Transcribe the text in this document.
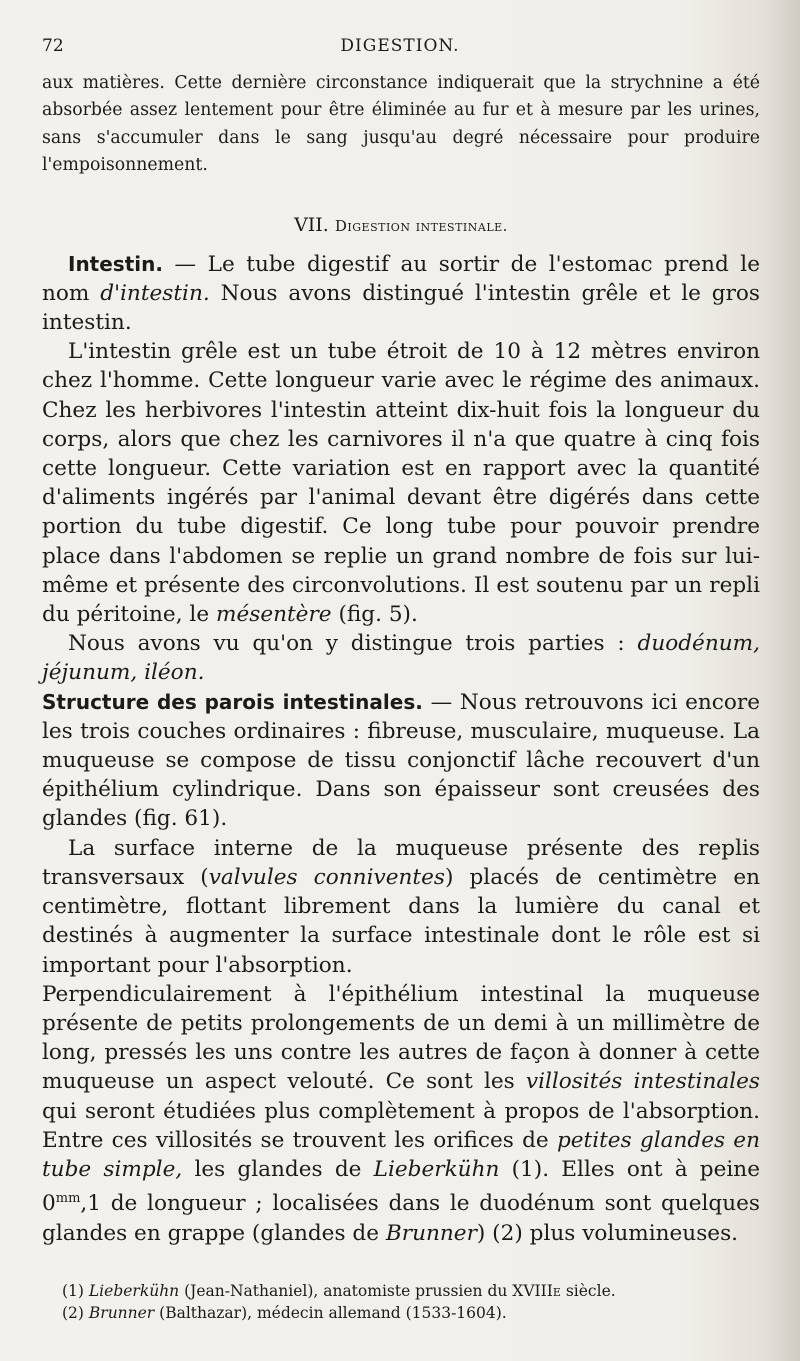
72	DIGESTION.

aux matières. Cette dernière circonstance indiquerait que la strychnine a été absorbée assez lentement pour être éliminée au fur et à mesure par les urines, sans s'accumuler dans le sang jusqu'au degré nécessaire pour produire l'empoisonnement.

VII. Digestion intestinale.

Intestin. — Le tube digestif au sortir de l'estomac prend le nom d'intestin. Nous avons distingué l'intestin grêle et le gros intestin.

L'intestin grêle est un tube étroit de 10 à 12 mètres environ chez l'homme. Cette longueur varie avec le régime des animaux. Chez les herbivores l'intestin atteint dix-huit fois la longueur du corps, alors que chez les carnivores il n'a que quatre à cinq fois cette longueur. Cette variation est en rapport avec la quantité d'aliments ingérés par l'animal devant être digérés dans cette portion du tube digestif. Ce long tube pour pouvoir prendre place dans l'abdomen se replie un grand nombre de fois sur lui-même et présente des circonvolutions. Il est soutenu par un repli du péritoine, le mésentère (fig. 5).

Nous avons vu qu'on y distingue trois parties : duodénum, jéjunum, iléon.

Structure des parois intestinales. — Nous retrouvons ici encore les trois couches ordinaires : fibreuse, musculaire, muqueuse. La muqueuse se compose de tissu conjonctif lâche recouvert d'un épithélium cylindrique. Dans son épaisseur sont creusées des glandes (fig. 61).

La surface interne de la muqueuse présente des replis transversaux (valvules conniventes) placés de centimètre en centimètre, flottant librement dans la lumière du canal et destinés à augmenter la surface intestinale dont le rôle est si important pour l'absorption.

Perpendiculairement à l'épithélium intestinal la muqueuse présente de petits prolongements de un demi à un millimètre de long, pressés les uns contre les autres de façon à donner à cette muqueuse un aspect velouté. Ce sont les villosités intestinales qui seront étudiées plus complètement à propos de l'absorption. Entre ces villosités se trouvent les orifices de petites glandes en tube simple, les glandes de Lieberkühn (1). Elles ont à peine $0^{mm},1$ de longueur ; localisées dans le duodénum sont quelques glandes en grappe (glandes de Brunner) (2) plus volumineuses.

(1) Lieberkühn (Jean-Nathaniel), anatomiste prussien du XVIIIe siècle.

(2) Brunner (Balthazar), médecin allemand (1533-1604).
